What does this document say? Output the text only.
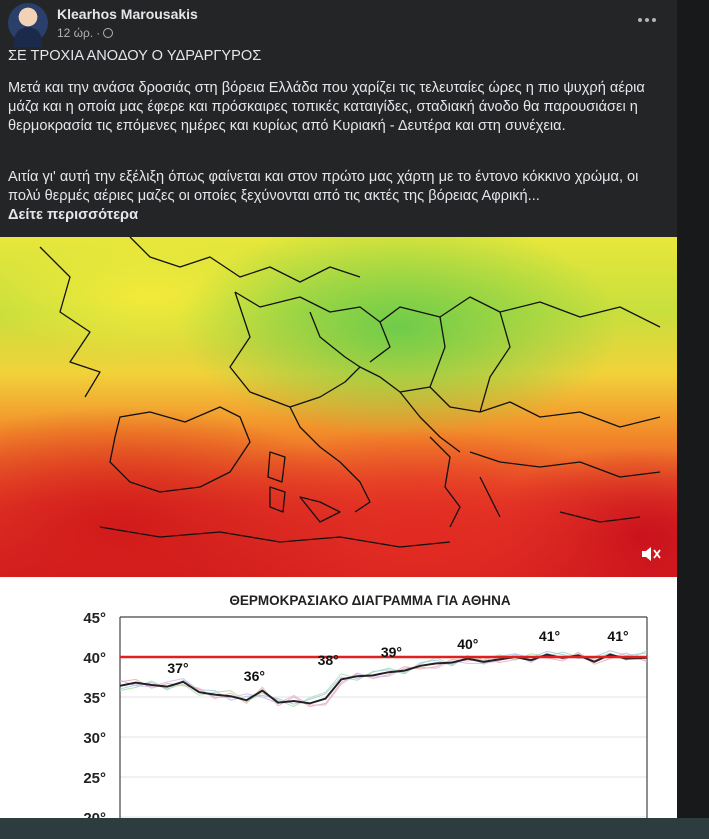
Klearhos Marousakis
12 ώρ. ·

ΣΕ ΤΡΟΧΙΑ ΑΝΟΔΟΥ Ο ΥΔΡΑΡΓΥΡΟΣ

Μετά και την ανάσα δροσιάς στη βόρεια Ελλάδα που χαρίζει τις τελευταίες ώρες η πιο ψυχρή αέρια μάζα και η οποία μας έφερε και πρόσκαιρες τοπικές καταιγίδες, σταδιακή άνοδο θα παρουσιάσει η θερμοκρασία τις επόμενες ημέρες και κυρίως από Κυριακή - Δευτέρα και στη συνέχεια.

Αιτία γι' αυτή την εξέλιξη όπως φαίνεται και στον πρώτο μας χάρτη με το έντονο κόκκινο χρώμα, οι πολύ θερμές αέριες μαζες οι οποίες ξεχύνονται από τις ακτές της βόρειας Αφρική...

Δείτε περισσότερα
ΘΕΡΜΟΚΡΑΣΙΑΚΟ ΔΙΑΓΡΑΜΜΑ ΓΙΑ ΑΘΗΝΑ
45°
40°
35°
30°
25°
37°	36°
38°	39°	40°	41°	41°
